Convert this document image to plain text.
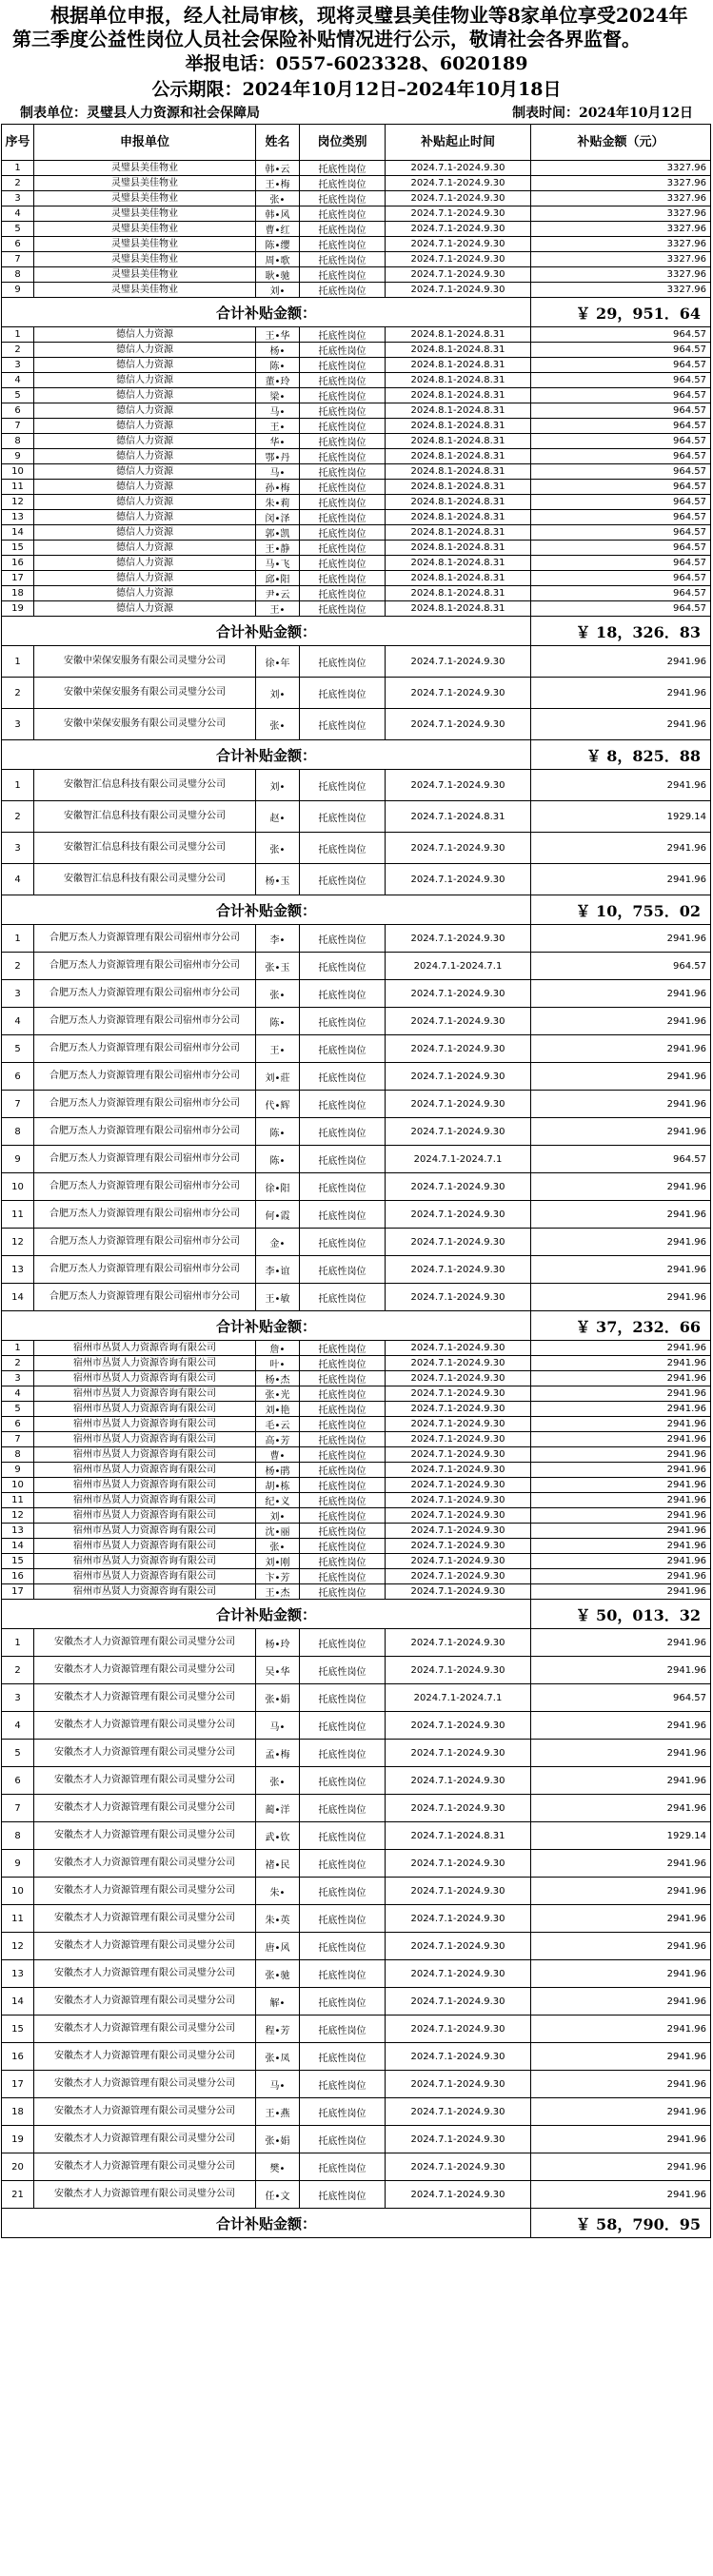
根据单位申报，经人社局审核，现将灵璧县美佳物业等8家单位享受2024年第三季度公益性岗位人员社会保险补贴情况进行公示，敬请社会各界监督。
举报电话：0557-6023328、6020189
公示期限：2024年10月12日–2024年10月18日
制表单位：灵璧县人力资源和社会保障局	制表时间：2024年10月12日
序号	申报单位	姓名	岗位类别	补贴起止时间	补贴金额（元）
1	灵璧县美佳物业	韩•云	托底性岗位	2024.7.1-2024.9.30	3327.96
2	灵璧县美佳物业	王•梅	托底性岗位	2024.7.1-2024.9.30	3327.96
3	灵璧县美佳物业	张•	托底性岗位	2024.7.1-2024.9.30	3327.96
4	灵璧县美佳物业	韩•风	托底性岗位	2024.7.1-2024.9.30	3327.96
5	灵璧县美佳物业	曹•红	托底性岗位	2024.7.1-2024.9.30	3327.96
6	灵璧县美佳物业	陈•缨	托底性岗位	2024.7.1-2024.9.30	3327.96
7	灵璧县美佳物业	周•歌	托底性岗位	2024.7.1-2024.9.30	3327.96
8	灵璧县美佳物业	耿•驰	托底性岗位	2024.7.1-2024.9.30	3327.96
9	灵璧县美佳物业	刘•	托底性岗位	2024.7.1-2024.9.30	3327.96
合计补贴金额：					￥ 29，951．64
1	德信人力资源	王•华	托底性岗位	2024.8.1-2024.8.31	964.57
2	德信人力资源	杨•	托底性岗位	2024.8.1-2024.8.31	964.57
3	德信人力资源	陈•	托底性岗位	2024.8.1-2024.8.31	964.57
4	德信人力资源	董•玲	托底性岗位	2024.8.1-2024.8.31	964.57
5	德信人力资源	梁•	托底性岗位	2024.8.1-2024.8.31	964.57
6	德信人力资源	马•	托底性岗位	2024.8.1-2024.8.31	964.57
7	德信人力资源	王•	托底性岗位	2024.8.1-2024.8.31	964.57
8	德信人力资源	华•	托底性岗位	2024.8.1-2024.8.31	964.57
9	德信人力资源	鄂•丹	托底性岗位	2024.8.1-2024.8.31	964.57
10	德信人力资源	马•	托底性岗位	2024.8.1-2024.8.31	964.57
11	德信人力资源	孙•梅	托底性岗位	2024.8.1-2024.8.31	964.57
12	德信人力资源	朱•莉	托底性岗位	2024.8.1-2024.8.31	964.57
13	德信人力资源	闵•泽	托底性岗位	2024.8.1-2024.8.31	964.57
14	德信人力资源	郭•凯	托底性岗位	2024.8.1-2024.8.31	964.57
15	德信人力资源	王•静	托底性岗位	2024.8.1-2024.8.31	964.57
16	德信人力资源	马•飞	托底性岗位	2024.8.1-2024.8.31	964.57
17	德信人力资源	邱•阳	托底性岗位	2024.8.1-2024.8.31	964.57
18	德信人力资源	尹•云	托底性岗位	2024.8.1-2024.8.31	964.57
19	德信人力资源	王•	托底性岗位	2024.8.1-2024.8.31	964.57
合计补贴金额：					￥ 18，326．83
1	安徽中荣保安服务有限公司灵璧分公司	徐•年	托底性岗位	2024.7.1-2024.9.30	2941.96
2	安徽中荣保安服务有限公司灵璧分公司	刘•	托底性岗位	2024.7.1-2024.9.30	2941.96
3	安徽中荣保安服务有限公司灵璧分公司	张•	托底性岗位	2024.7.1-2024.9.30	2941.96
合计补贴金额：					￥ 8，825．88
1	安徽智汇信息科技有限公司灵璧分公司	刘•	托底性岗位	2024.7.1-2024.9.30	2941.96
2	安徽智汇信息科技有限公司灵璧分公司	赵•	托底性岗位	2024.7.1-2024.8.31	1929.14
3	安徽智汇信息科技有限公司灵璧分公司	张•	托底性岗位	2024.7.1-2024.9.30	2941.96
4	安徽智汇信息科技有限公司灵璧分公司	杨•玉	托底性岗位	2024.7.1-2024.9.30	2941.96
合计补贴金额：					￥ 10，755．02
1	合肥万杰人力资源管理有限公司宿州市分公司	李•	托底性岗位	2024.7.1-2024.9.30	2941.96
2	合肥万杰人力资源管理有限公司宿州市分公司	张•玉	托底性岗位	2024.7.1-2024.7.1	964.57
3	合肥万杰人力资源管理有限公司宿州市分公司	张•	托底性岗位	2024.7.1-2024.9.30	2941.96
4	合肥万杰人力资源管理有限公司宿州市分公司	陈•	托底性岗位	2024.7.1-2024.9.30	2941.96
5	合肥万杰人力资源管理有限公司宿州市分公司	王•	托底性岗位	2024.7.1-2024.9.30	2941.96
6	合肥万杰人力资源管理有限公司宿州市分公司	刘•莊	托底性岗位	2024.7.1-2024.9.30	2941.96
7	合肥万杰人力资源管理有限公司宿州市分公司	代•辉	托底性岗位	2024.7.1-2024.9.30	2941.96
8	合肥万杰人力资源管理有限公司宿州市分公司	陈•	托底性岗位	2024.7.1-2024.9.30	2941.96
9	合肥万杰人力资源管理有限公司宿州市分公司	陈•	托底性岗位	2024.7.1-2024.7.1	964.57
10	合肥万杰人力资源管理有限公司宿州市分公司	徐•阳	托底性岗位	2024.7.1-2024.9.30	2941.96
11	合肥万杰人力资源管理有限公司宿州市分公司	何•霞	托底性岗位	2024.7.1-2024.9.30	2941.96
12	合肥万杰人力资源管理有限公司宿州市分公司	金•	托底性岗位	2024.7.1-2024.9.30	2941.96
13	合肥万杰人力资源管理有限公司宿州市分公司	李•谊	托底性岗位	2024.7.1-2024.9.30	2941.96
14	合肥万杰人力资源管理有限公司宿州市分公司	王•敏	托底性岗位	2024.7.1-2024.9.30	2941.96
合计补贴金额：					￥ 37，232．66
1	宿州市丛贤人力资源咨询有限公司	詹•	托底性岗位	2024.7.1-2024.9.30	2941.96
2	宿州市丛贤人力资源咨询有限公司	叶•	托底性岗位	2024.7.1-2024.9.30	2941.96
3	宿州市丛贤人力资源咨询有限公司	杨•杰	托底性岗位	2024.7.1-2024.9.30	2941.96
4	宿州市丛贤人力资源咨询有限公司	张•光	托底性岗位	2024.7.1-2024.9.30	2941.96
5	宿州市丛贤人力资源咨询有限公司	刘•艳	托底性岗位	2024.7.1-2024.9.30	2941.96
6	宿州市丛贤人力资源咨询有限公司	毛•云	托底性岗位	2024.7.1-2024.9.30	2941.96
7	宿州市丛贤人力资源咨询有限公司	高•芳	托底性岗位	2024.7.1-2024.9.30	2941.96
8	宿州市丛贤人力资源咨询有限公司	曹•	托底性岗位	2024.7.1-2024.9.30	2941.96
9	宿州市丛贤人力资源咨询有限公司	杨•鹃	托底性岗位	2024.7.1-2024.9.30	2941.96
10	宿州市丛贤人力资源咨询有限公司	胡•栋	托底性岗位	2024.7.1-2024.9.30	2941.96
11	宿州市丛贤人力资源咨询有限公司	纪•义	托底性岗位	2024.7.1-2024.9.30	2941.96
12	宿州市丛贤人力资源咨询有限公司	刘•	托底性岗位	2024.7.1-2024.9.30	2941.96
13	宿州市丛贤人力资源咨询有限公司	沈•丽	托底性岗位	2024.7.1-2024.9.30	2941.96
14	宿州市丛贤人力资源咨询有限公司	张•	托底性岗位	2024.7.1-2024.9.30	2941.96
15	宿州市丛贤人力资源咨询有限公司	刘•刚	托底性岗位	2024.7.1-2024.9.30	2941.96
16	宿州市丛贤人力资源咨询有限公司	卞•芳	托底性岗位	2024.7.1-2024.9.30	2941.96
17	宿州市丛贤人力资源咨询有限公司	王•杰	托底性岗位	2024.7.1-2024.9.30	2941.96
合计补贴金额：					￥ 50，013．32
1	安徽杰才人力资源管理有限公司灵璧分公司	杨•玲	托底性岗位	2024.7.1-2024.9.30	2941.96
2	安徽杰才人力资源管理有限公司灵璧分公司	吴•华	托底性岗位	2024.7.1-2024.9.30	2941.96
3	安徽杰才人力资源管理有限公司灵璧分公司	张•娟	托底性岗位	2024.7.1-2024.7.1	964.57
4	安徽杰才人力资源管理有限公司灵璧分公司	马•	托底性岗位	2024.7.1-2024.9.30	2941.96
5	安徽杰才人力资源管理有限公司灵璧分公司	孟•梅	托底性岗位	2024.7.1-2024.9.30	2941.96
6	安徽杰才人力资源管理有限公司灵璧分公司	张•	托底性岗位	2024.7.1-2024.9.30	2941.96
7	安徽杰才人力资源管理有限公司灵璧分公司	蔺•洋	托底性岗位	2024.7.1-2024.9.30	2941.96
8	安徽杰才人力资源管理有限公司灵璧分公司	武•钦	托底性岗位	2024.7.1-2024.8.31	1929.14
9	安徽杰才人力资源管理有限公司灵璧分公司	褚•民	托底性岗位	2024.7.1-2024.9.30	2941.96
10	安徽杰才人力资源管理有限公司灵璧分公司	朱•	托底性岗位	2024.7.1-2024.9.30	2941.96
11	安徽杰才人力资源管理有限公司灵璧分公司	朱•英	托底性岗位	2024.7.1-2024.9.30	2941.96
12	安徽杰才人力资源管理有限公司灵璧分公司	唐•风	托底性岗位	2024.7.1-2024.9.30	2941.96
13	安徽杰才人力资源管理有限公司灵璧分公司	张•驰	托底性岗位	2024.7.1-2024.9.30	2941.96
14	安徽杰才人力资源管理有限公司灵璧分公司	解•	托底性岗位	2024.7.1-2024.9.30	2941.96
15	安徽杰才人力资源管理有限公司灵璧分公司	程•芳	托底性岗位	2024.7.1-2024.9.30	2941.96
16	安徽杰才人力资源管理有限公司灵璧分公司	张•凤	托底性岗位	2024.7.1-2024.9.30	2941.96
17	安徽杰才人力资源管理有限公司灵璧分公司	马•	托底性岗位	2024.7.1-2024.9.30	2941.96
18	安徽杰才人力资源管理有限公司灵璧分公司	王•燕	托底性岗位	2024.7.1-2024.9.30	2941.96
19	安徽杰才人力资源管理有限公司灵璧分公司	张•娟	托底性岗位	2024.7.1-2024.9.30	2941.96
20	安徽杰才人力资源管理有限公司灵璧分公司	樊•	托底性岗位	2024.7.1-2024.9.30	2941.96
21	安徽杰才人力资源管理有限公司灵璧分公司	任•文	托底性岗位	2024.7.1-2024.9.30	2941.96
合计补贴金额：					￥ 58，790．95
